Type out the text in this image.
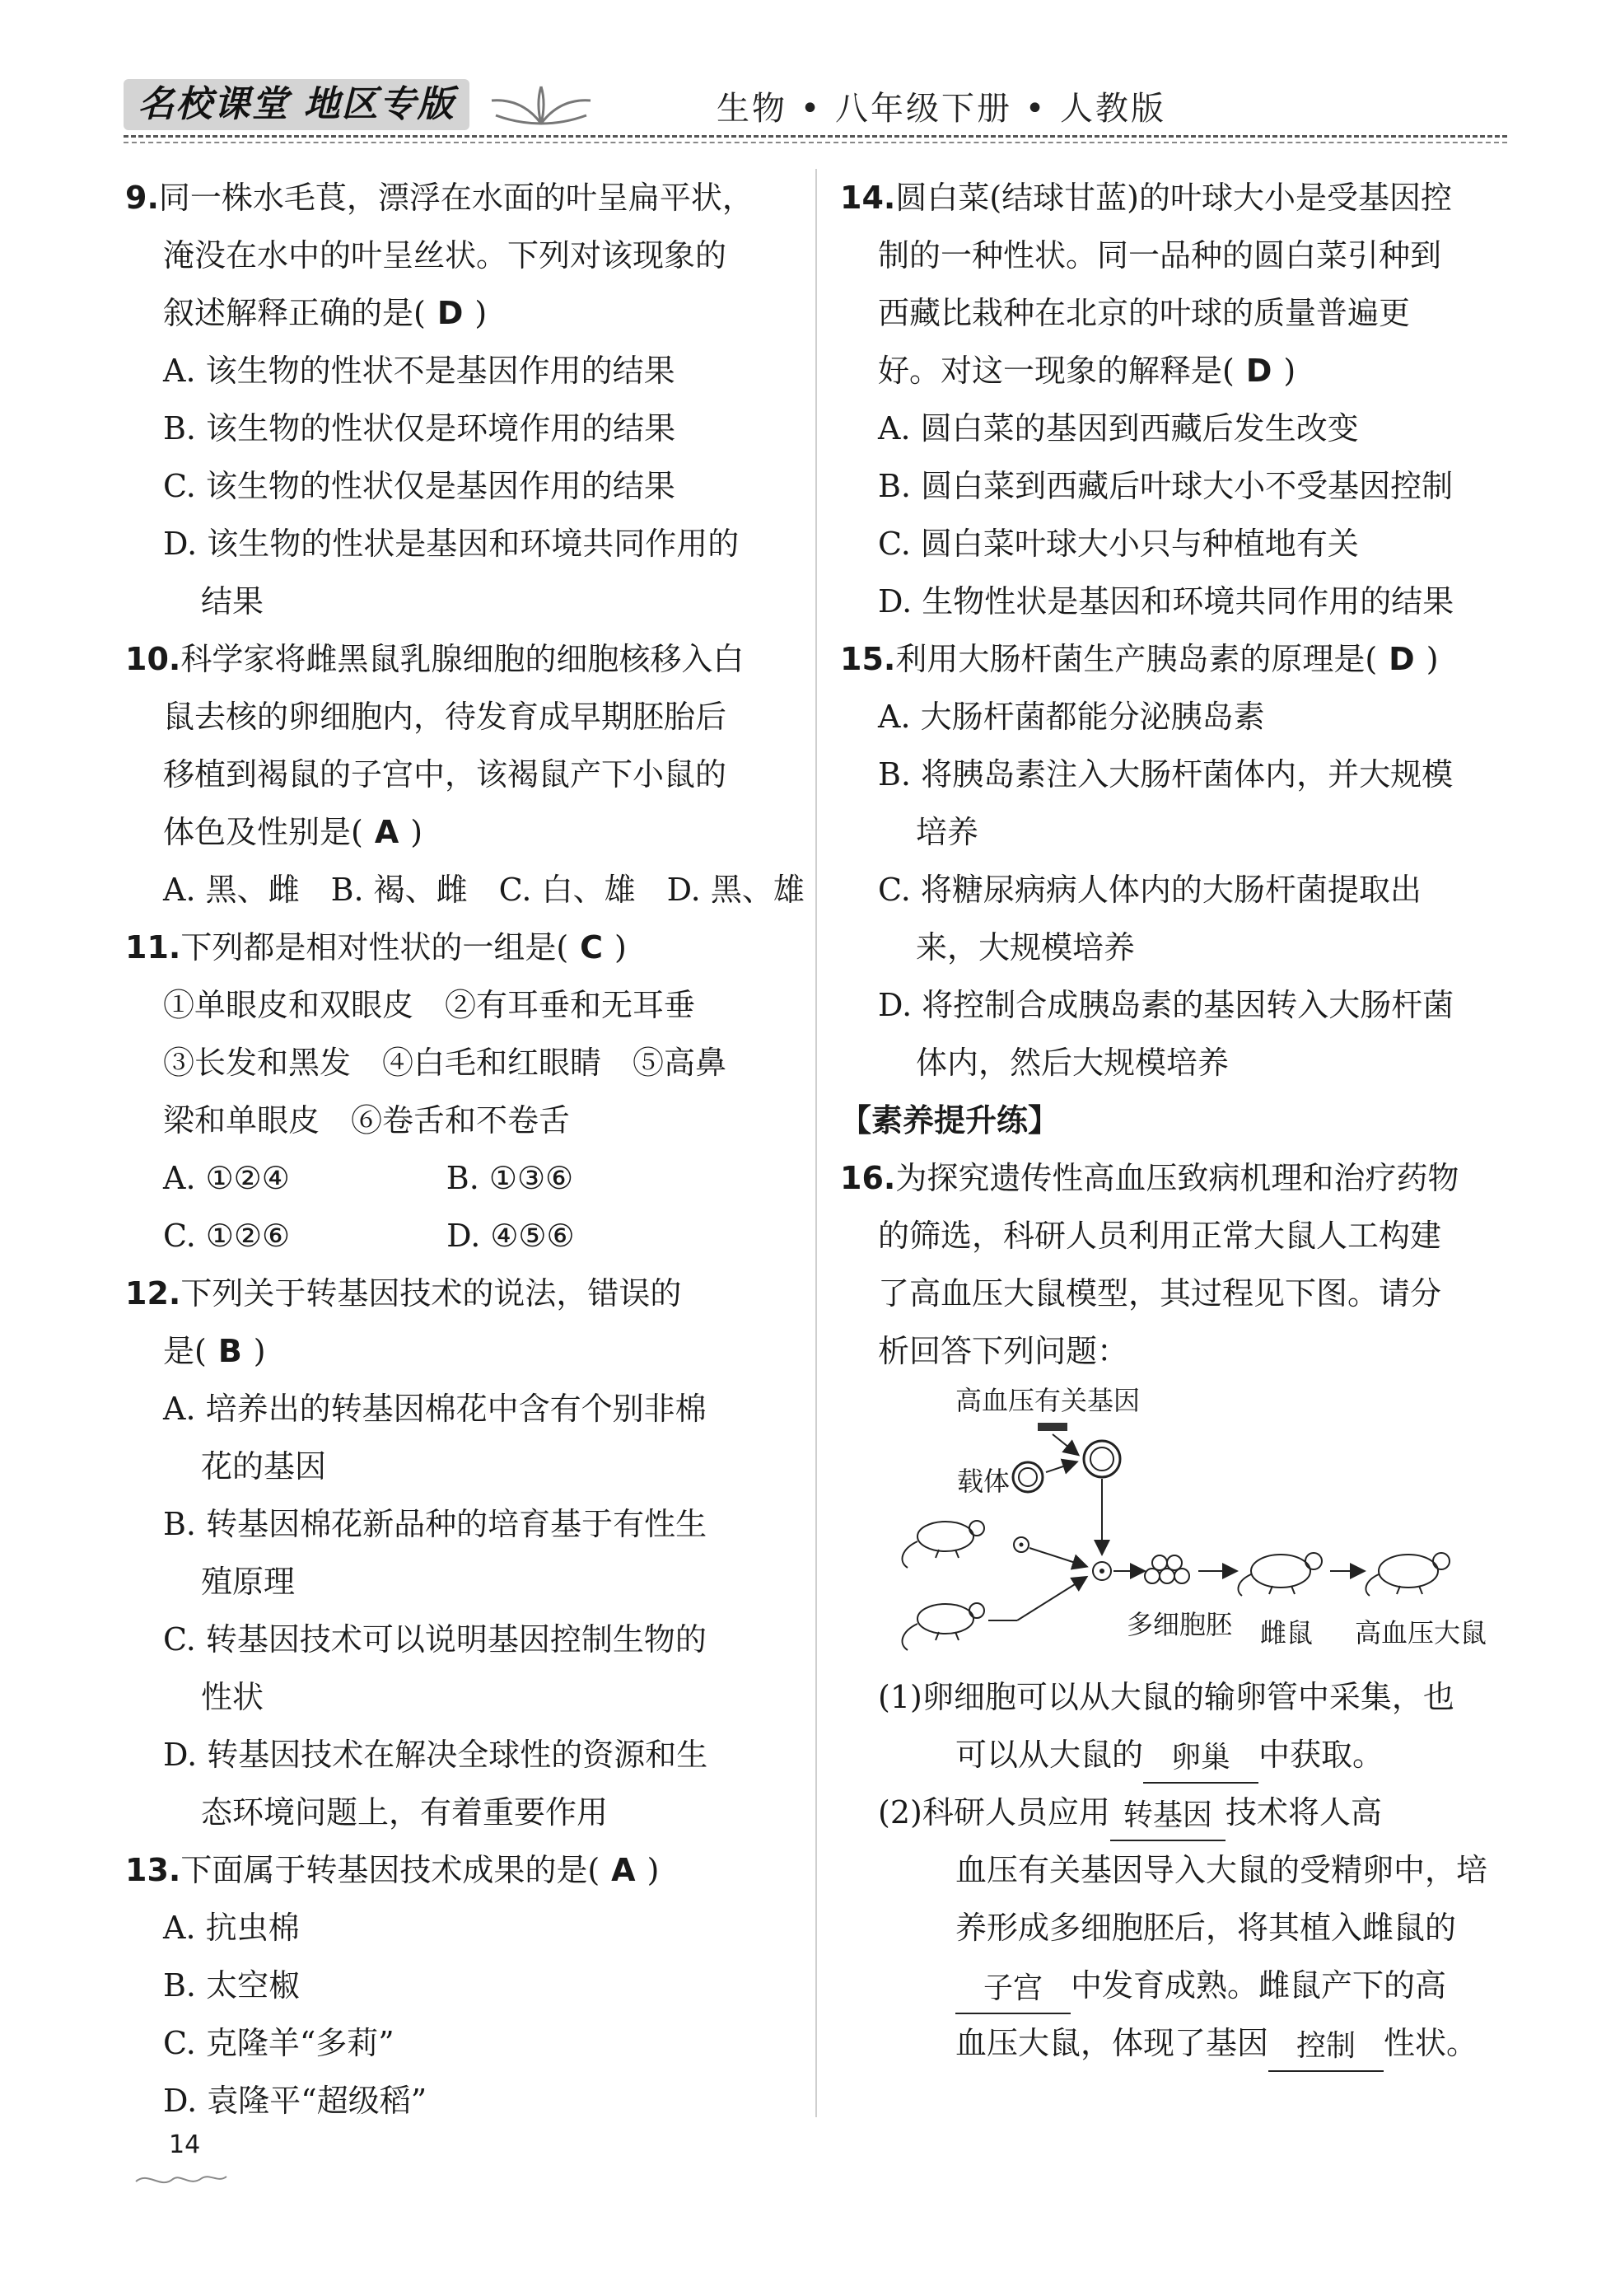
名校课堂 地区专版	生物 • 八年级下册 • 人教版
9.同一株水毛茛，漂浮在水面的叶呈扁平状，
淹没在水中的叶呈丝状。下列对该现象的
叙述解释正确的是( D )
A. 该生物的性状不是基因作用的结果
B. 该生物的性状仅是环境作用的结果
C. 该生物的性状仅是基因作用的结果
D. 该生物的性状是基因和环境共同作用的
结果
10.科学家将雌黑鼠乳腺细胞的细胞核移入白
鼠去核的卵细胞内，待发育成早期胚胎后
移植到褐鼠的子宫中，该褐鼠产下小鼠的
体色及性别是( A )
A. 黑、雌　B. 褐、雌　C. 白、雄　D. 黑、雄
11.下列都是相对性状的一组是( C )
①单眼皮和双眼皮　②有耳垂和无耳垂
③长发和黑发　④白毛和红眼睛　⑤高鼻
梁和单眼皮　⑥卷舌和不卷舌
A. ①②④　　　　　B. ①③⑥
C. ①②⑥　　　　　D. ④⑤⑥
12.下列关于转基因技术的说法，错误的
是( B )
A. 培养出的转基因棉花中含有个别非棉
花的基因
B. 转基因棉花新品种的培育基于有性生
殖原理
C. 转基因技术可以说明基因控制生物的
性状
D. 转基因技术在解决全球性的资源和生
态环境问题上，有着重要作用
13.下面属于转基因技术成果的是( A )
A. 抗虫棉
B. 太空椒
C. 克隆羊“多莉”
D. 袁隆平“超级稻”
14.圆白菜(结球甘蓝)的叶球大小是受基因控
制的一种性状。同一品种的圆白菜引种到
西藏比栽种在北京的叶球的质量普遍更
好。对这一现象的解释是( D )
A. 圆白菜的基因到西藏后发生改变
B. 圆白菜到西藏后叶球大小不受基因控制
C. 圆白菜叶球大小只与种植地有关
D. 生物性状是基因和环境共同作用的结果
15.利用大肠杆菌生产胰岛素的原理是( D )
A. 大肠杆菌都能分泌胰岛素
B. 将胰岛素注入大肠杆菌体内，并大规模
培养
C. 将糖尿病病人体内的大肠杆菌提取出
来，大规模培养
D. 将控制合成胰岛素的基因转入大肠杆菌
体内，然后大规模培养
【素养提升练】
16.为探究遗传性高血压致病机理和治疗药物
的筛选，科研人员利用正常大鼠人工构建
了高血压大鼠模型，其过程见下图。请分
析回答下列问题：
高血压有关基因
载体
多细胞胚 雌鼠 高血压大鼠
(1)卵细胞可以从大鼠的输卵管中采集，也
可以从大鼠的 卵巢 中获取。
(2)科研人员应用 转基因 技术将人高
血压有关基因导入大鼠的受精卵中，培
养形成多细胞胚后，将其植入雌鼠的
子宫 中发育成熟。雌鼠产下的高
血压大鼠，体现了基因 控制 性状。
14
